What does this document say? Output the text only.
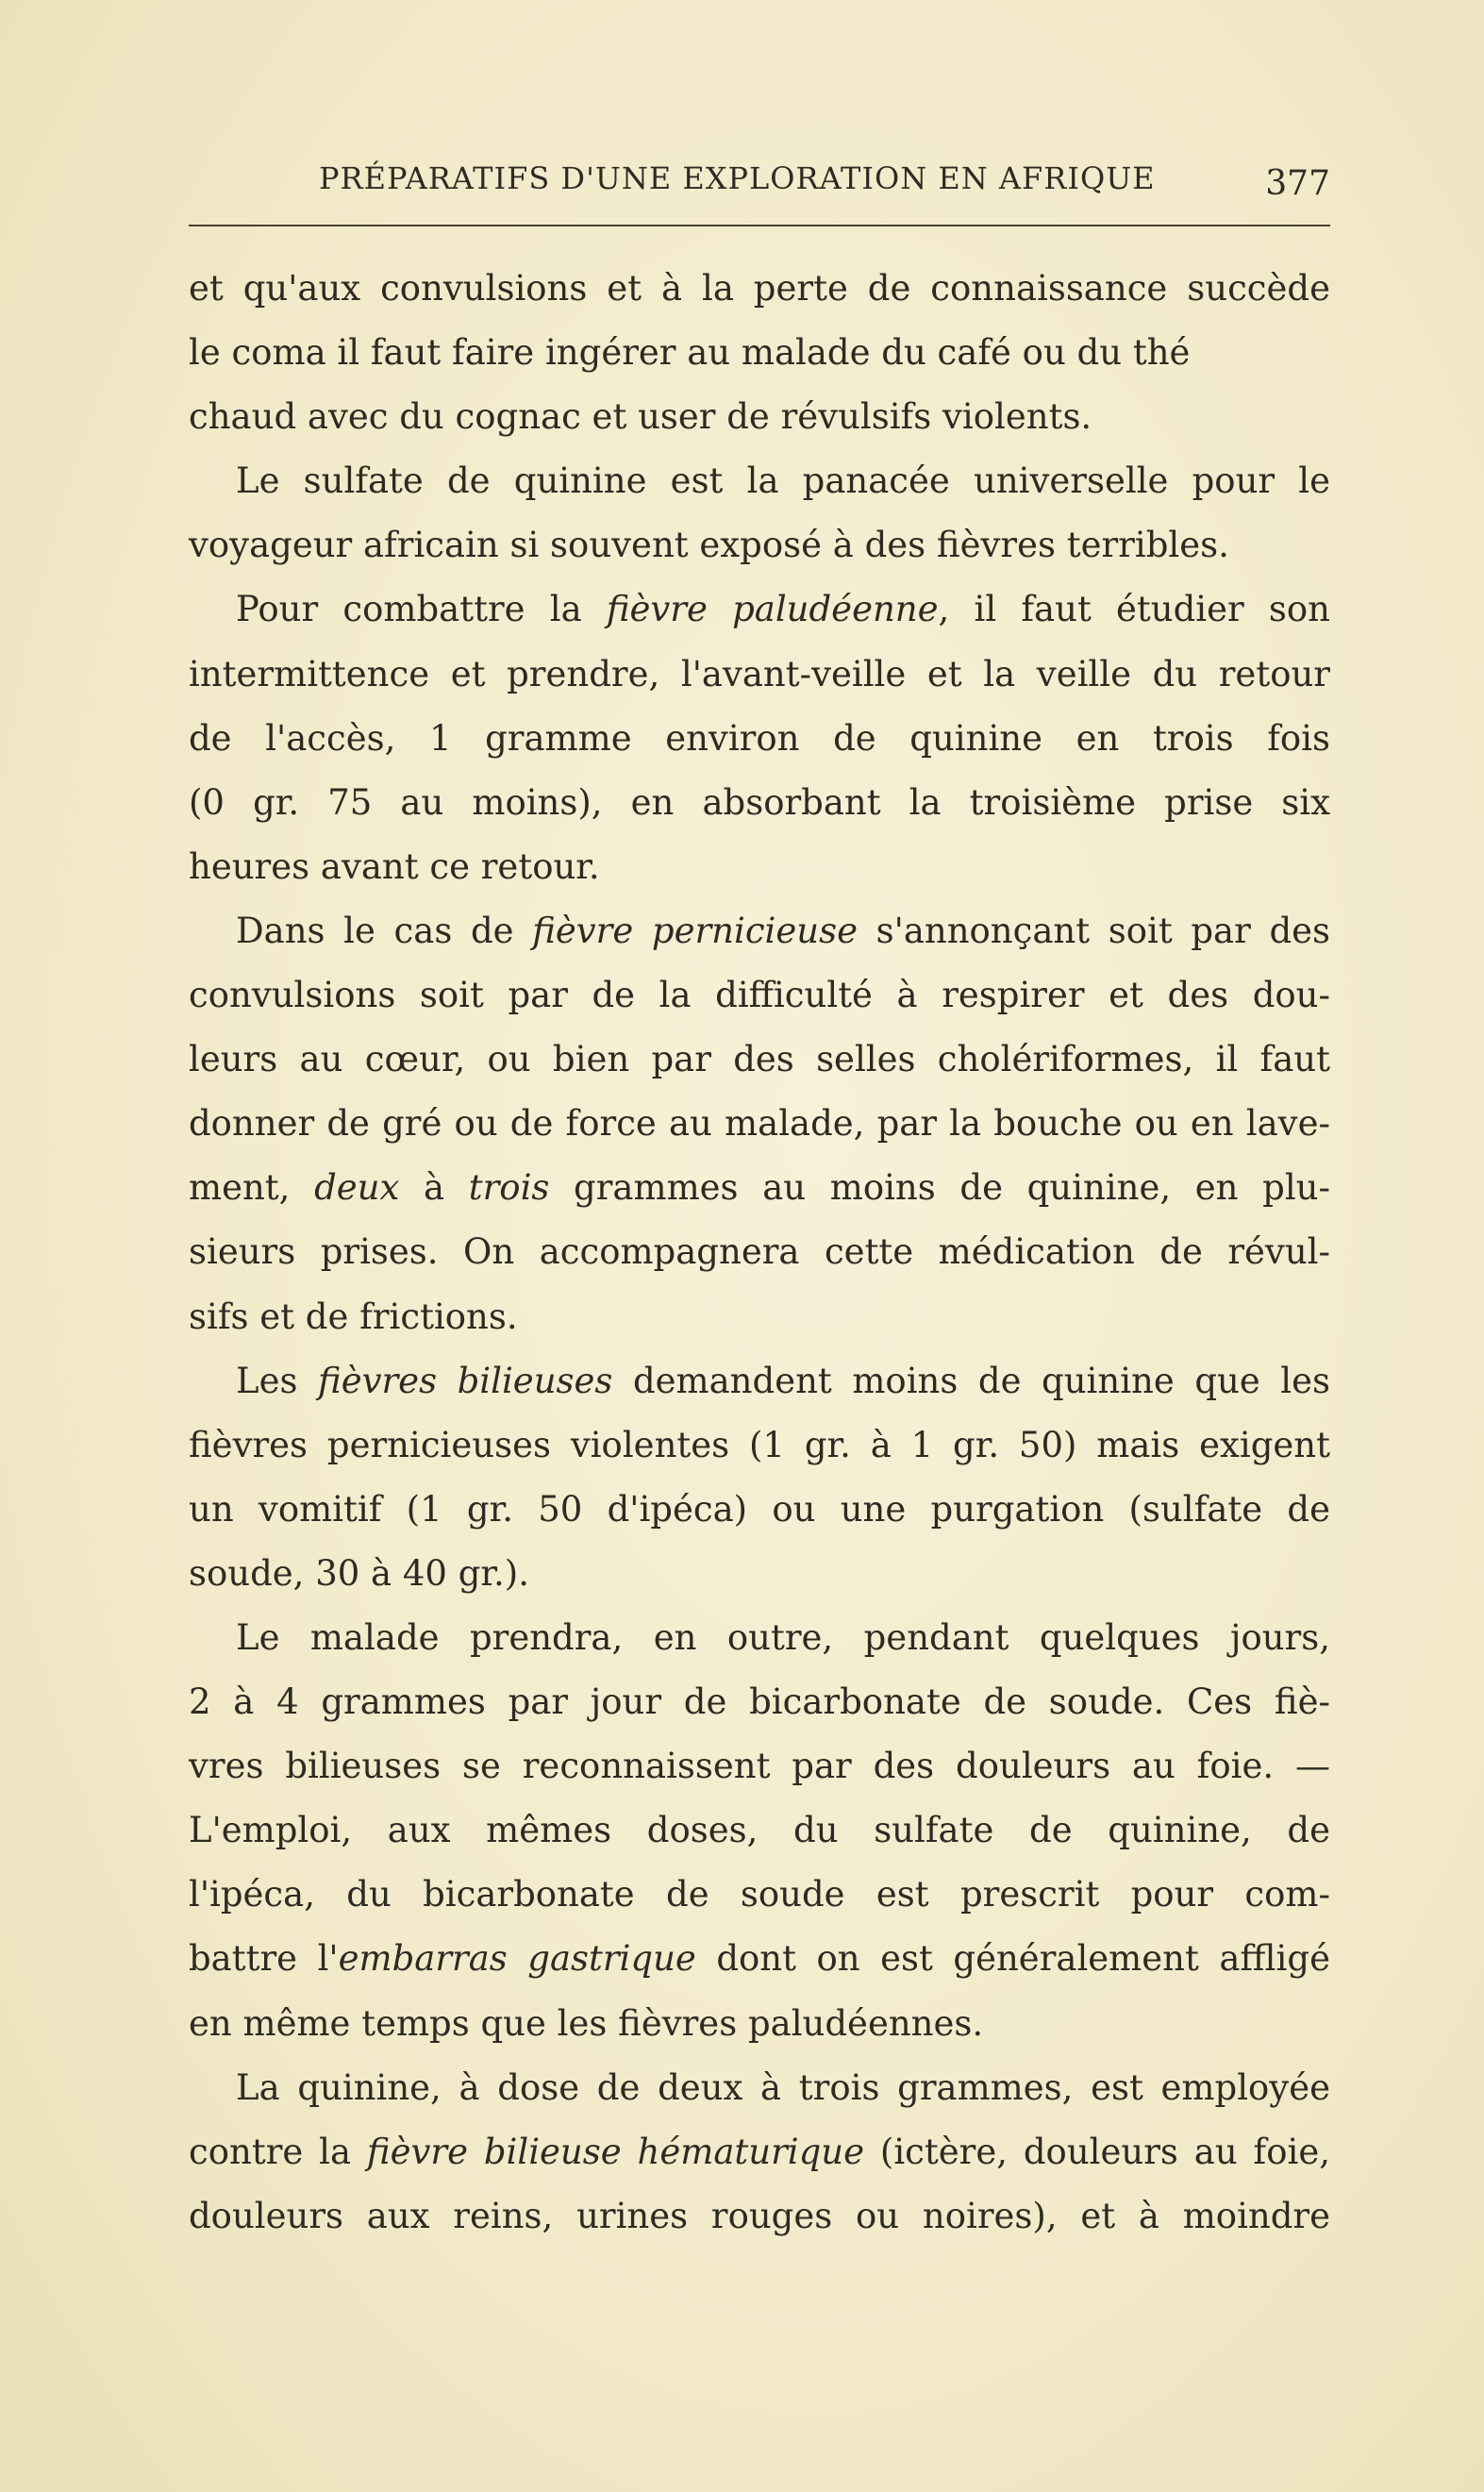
PRÉPARATIFS D'UNE EXPLORATION EN AFRIQUE	377
et qu'aux convulsions et à la perte de connaissance succède
le coma il faut faire ingérer au malade du café ou du thé
chaud avec du cognac et user de révulsifs violents.
Le sulfate de quinine est la panacée universelle pour le
voyageur africain si souvent exposé à des fièvres terribles.
Pour combattre la fièvre paludéenne, il faut étudier son
intermittence et prendre, l'avant-veille et la veille du retour
de l'accès, 1 gramme environ de quinine en trois fois
(0 gr. 75 au moins), en absorbant la troisième prise six
heures avant ce retour.
Dans le cas de fièvre pernicieuse s'annonçant soit par des
convulsions soit par de la difficulté à respirer et des dou-
leurs au cœur, ou bien par des selles cholériformes, il faut
donner de gré ou de force au malade, par la bouche ou en lave-
ment, deux à trois grammes au moins de quinine, en plu-
sieurs prises. On accompagnera cette médication de révul-
sifs et de frictions.
Les fièvres bilieuses demandent moins de quinine que les
fièvres pernicieuses violentes (1 gr. à 1 gr. 50) mais exigent
un vomitif (1 gr. 50 d'ipéca) ou une purgation (sulfate de
soude, 30 à 40 gr.).
Le malade prendra, en outre, pendant quelques jours,
2 à 4 grammes par jour de bicarbonate de soude. Ces fiè-
vres bilieuses se reconnaissent par des douleurs au foie. —
L'emploi, aux mêmes doses, du sulfate de quinine, de
l'ipéca, du bicarbonate de soude est prescrit pour com-
battre l'embarras gastrique dont on est généralement affligé
en même temps que les fièvres paludéennes.
La quinine, à dose de deux à trois grammes, est employée
contre la fièvre bilieuse hématurique (ictère, douleurs au foie,
douleurs aux reins, urines rouges ou noires), et à moindre
